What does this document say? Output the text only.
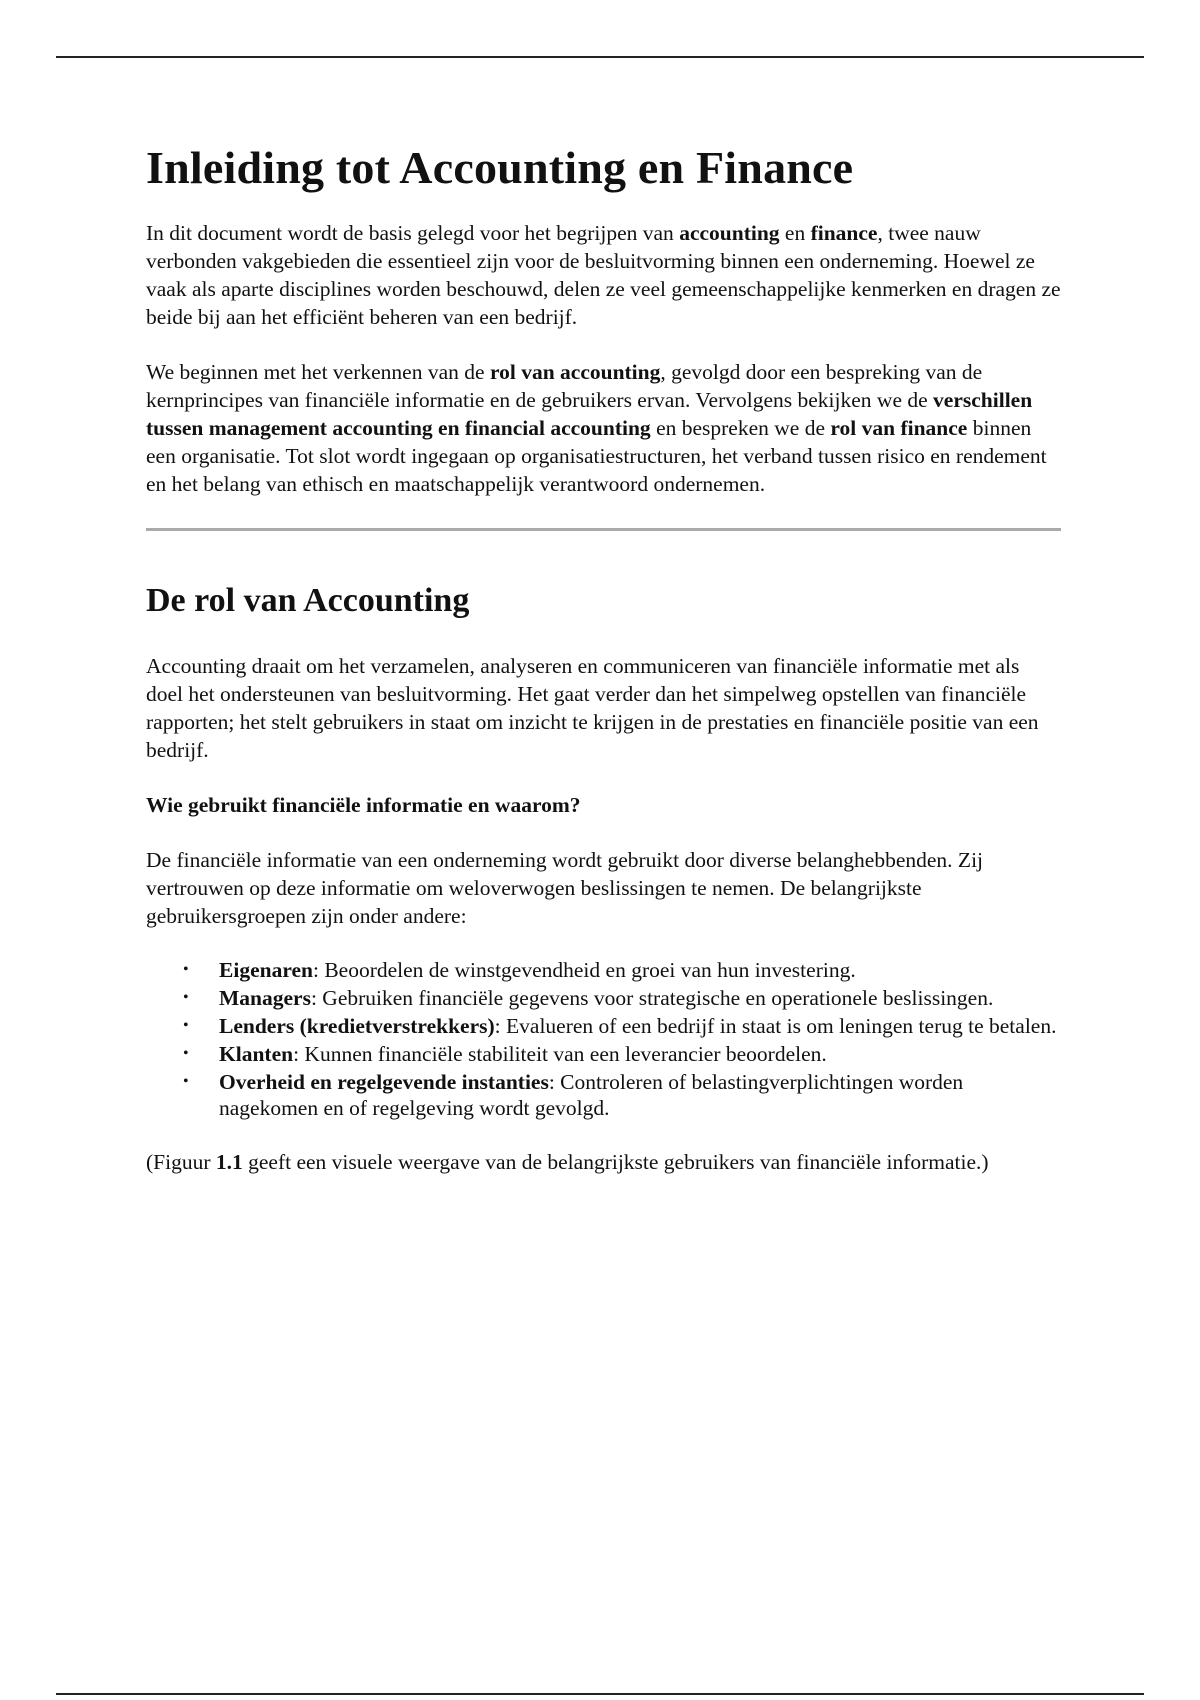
Inleiding tot Accounting en Finance

In dit document wordt de basis gelegd voor het begrijpen van accounting en finance, twee nauw verbonden vakgebieden die essentieel zijn voor de besluitvorming binnen een onderneming. Hoewel ze vaak als aparte disciplines worden beschouwd, delen ze veel gemeenschappelijke kenmerken en dragen ze beide bij aan het efficiënt beheren van een bedrijf.

We beginnen met het verkennen van de rol van accounting, gevolgd door een bespreking van de kernprincipes van financiële informatie en de gebruikers ervan. Vervolgens bekijken we de verschillen tussen management accounting en financial accounting en bespreken we de rol van finance binnen een organisatie. Tot slot wordt ingegaan op organisatiestructuren, het verband tussen risico en rendement en het belang van ethisch en maatschappelijk verantwoord ondernemen.

De rol van Accounting

Accounting draait om het verzamelen, analyseren en communiceren van financiële informatie met als doel het ondersteunen van besluitvorming. Het gaat verder dan het simpelweg opstellen van financiële rapporten; het stelt gebruikers in staat om inzicht te krijgen in de prestaties en financiële positie van een bedrijf.

Wie gebruikt financiële informatie en waarom?

De financiële informatie van een onderneming wordt gebruikt door diverse belanghebbenden. Zij vertrouwen op deze informatie om weloverwogen beslissingen te nemen. De belangrijkste gebruikersgroepen zijn onder andere:

• Eigenaren: Beoordelen de winstgevendheid en groei van hun investering.
• Managers: Gebruiken financiële gegevens voor strategische en operationele beslissingen.
• Lenders (kredietverstrekkers): Evalueren of een bedrijf in staat is om leningen terug te betalen.
• Klanten: Kunnen financiële stabiliteit van een leverancier beoordelen.
• Overheid en regelgevende instanties: Controleren of belastingverplichtingen worden nagekomen en of regelgeving wordt gevolgd.

(Figuur 1.1 geeft een visuele weergave van de belangrijkste gebruikers van financiële informatie.)
